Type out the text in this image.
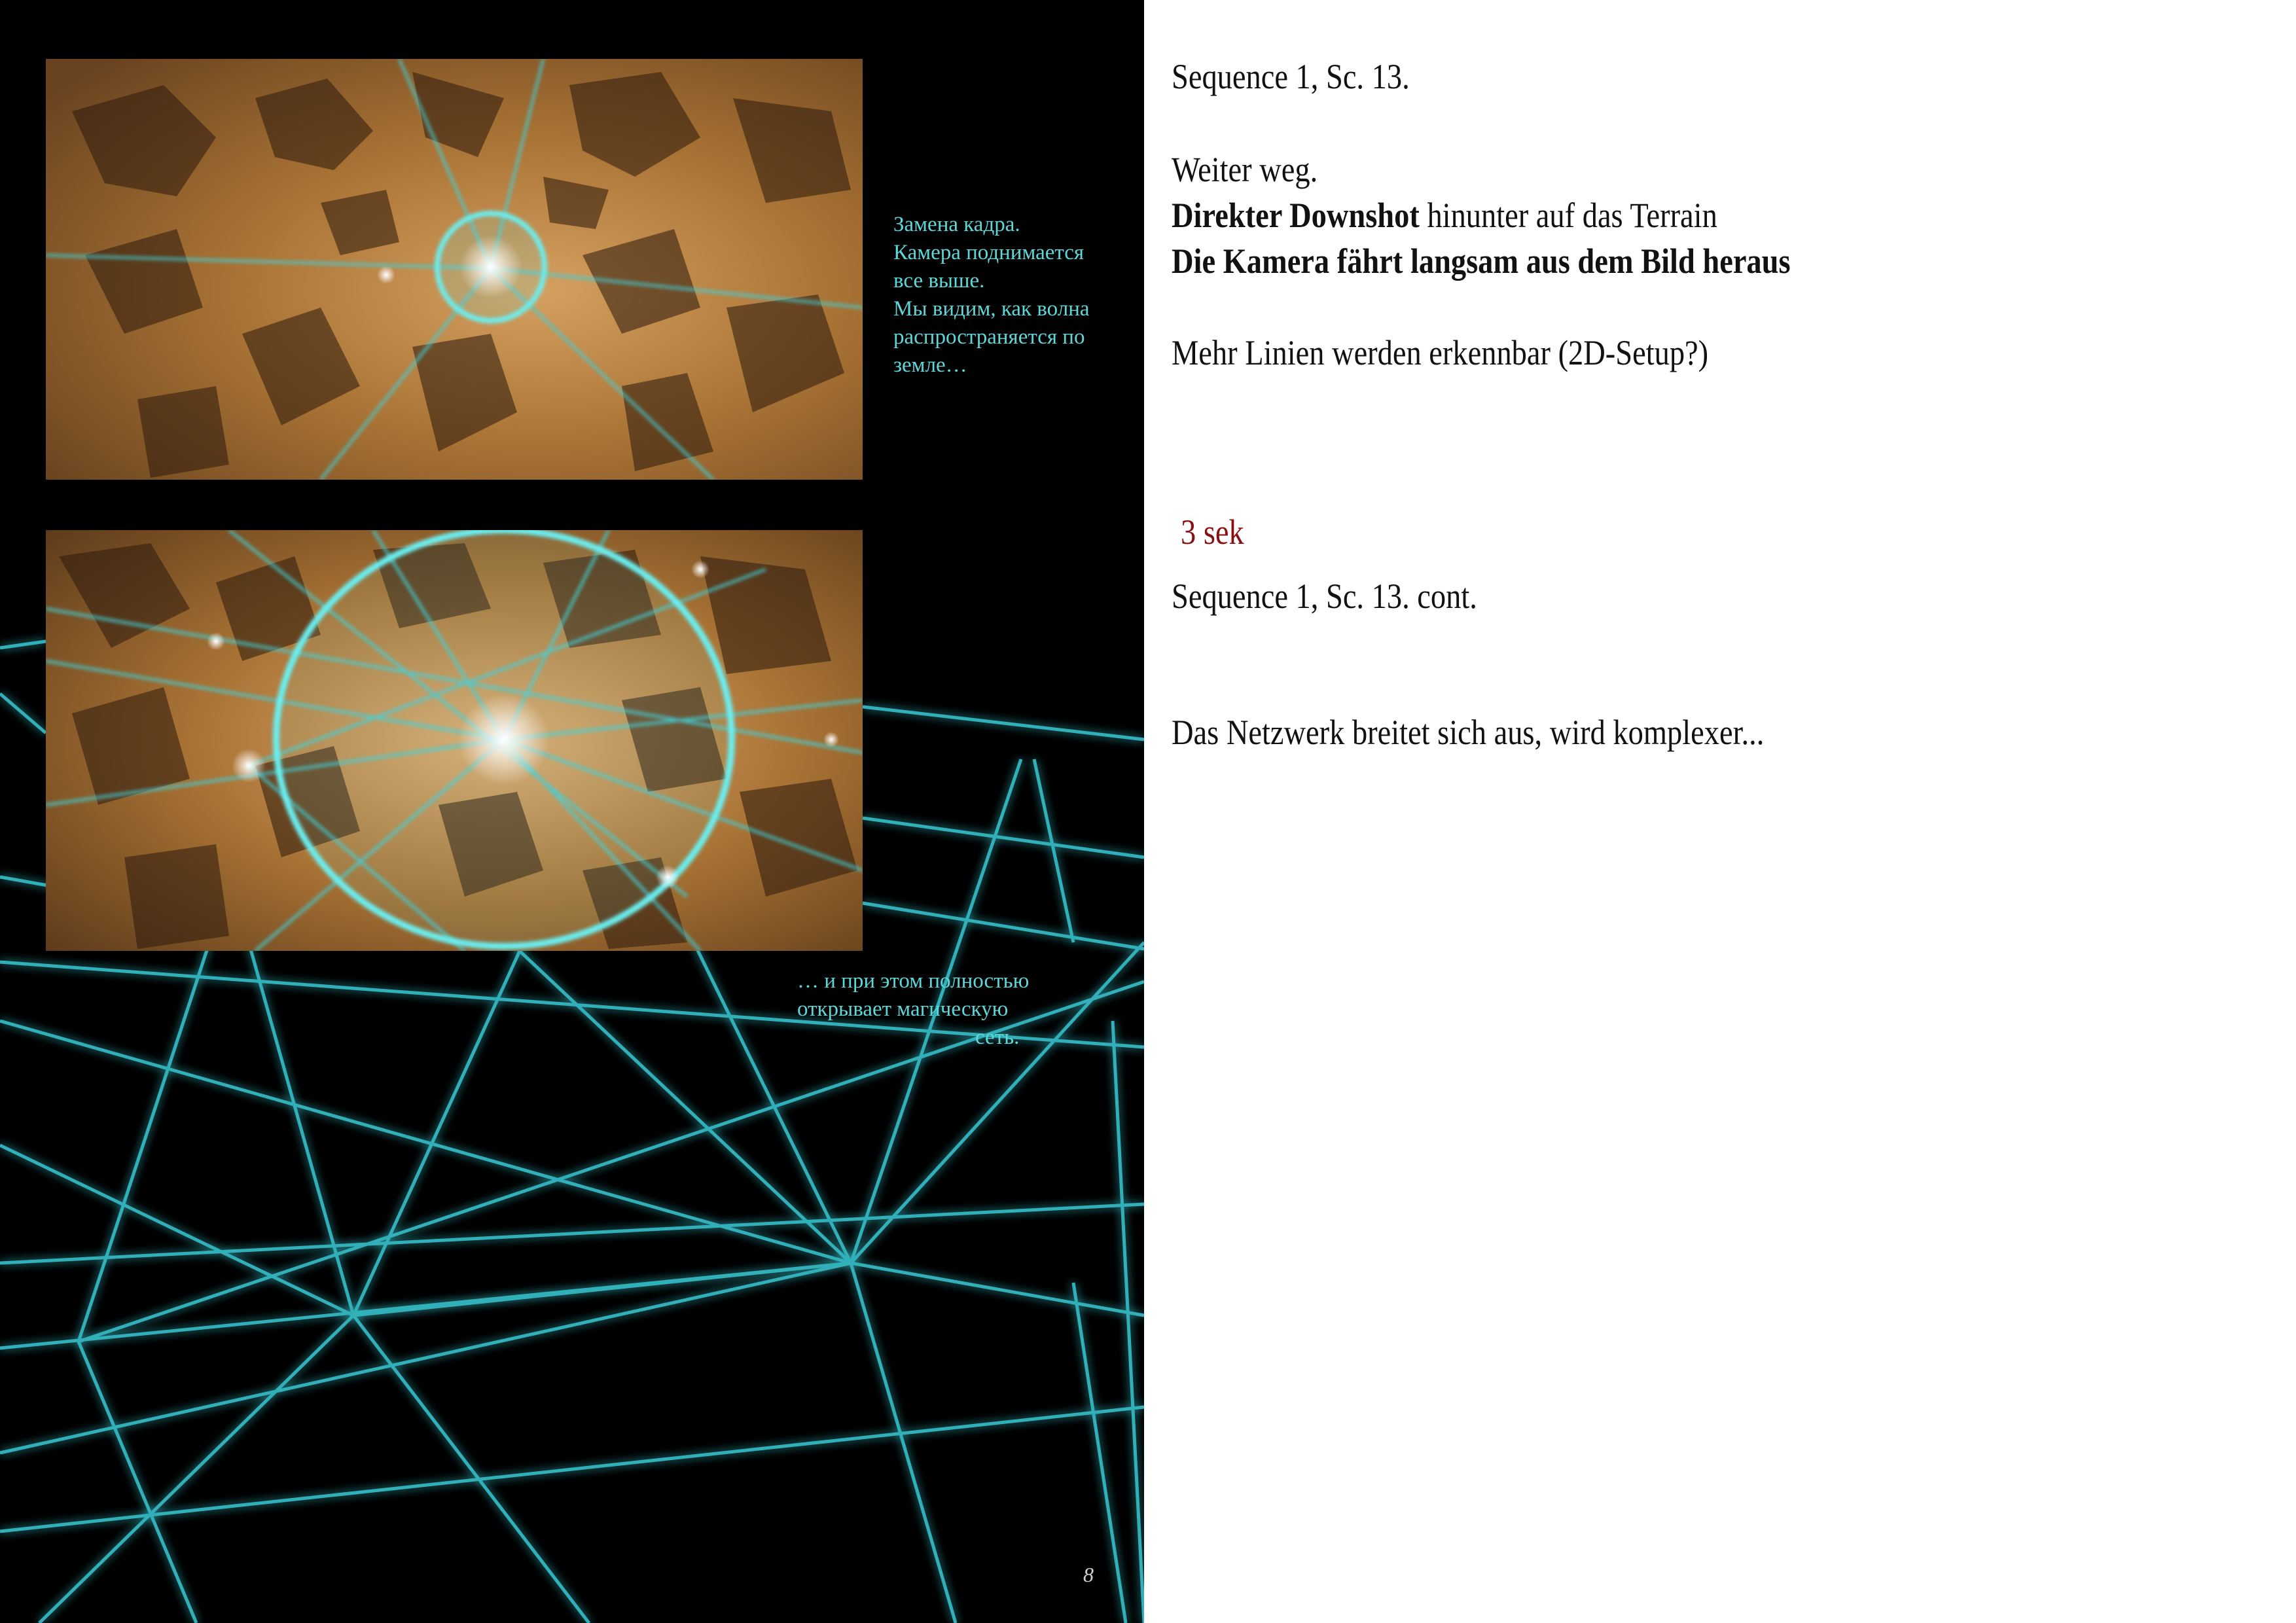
Замена кадра.
Камера поднимается
все выше.
Мы видим, как волна
распространяется по
земле…
… и при этом полностью
открывает магическую
сеть.
8

Sequence 1, Sc. 13.

Weiter weg.

Direkter Downshot hinunter auf das Terrain

Die Kamera fährt langsam aus dem Bild heraus

Mehr Linien werden erkennbar (2D-Setup?)

3 sek

Sequence 1, Sc. 13. cont.

Das Netzwerk breitet sich aus, wird komplexer...
